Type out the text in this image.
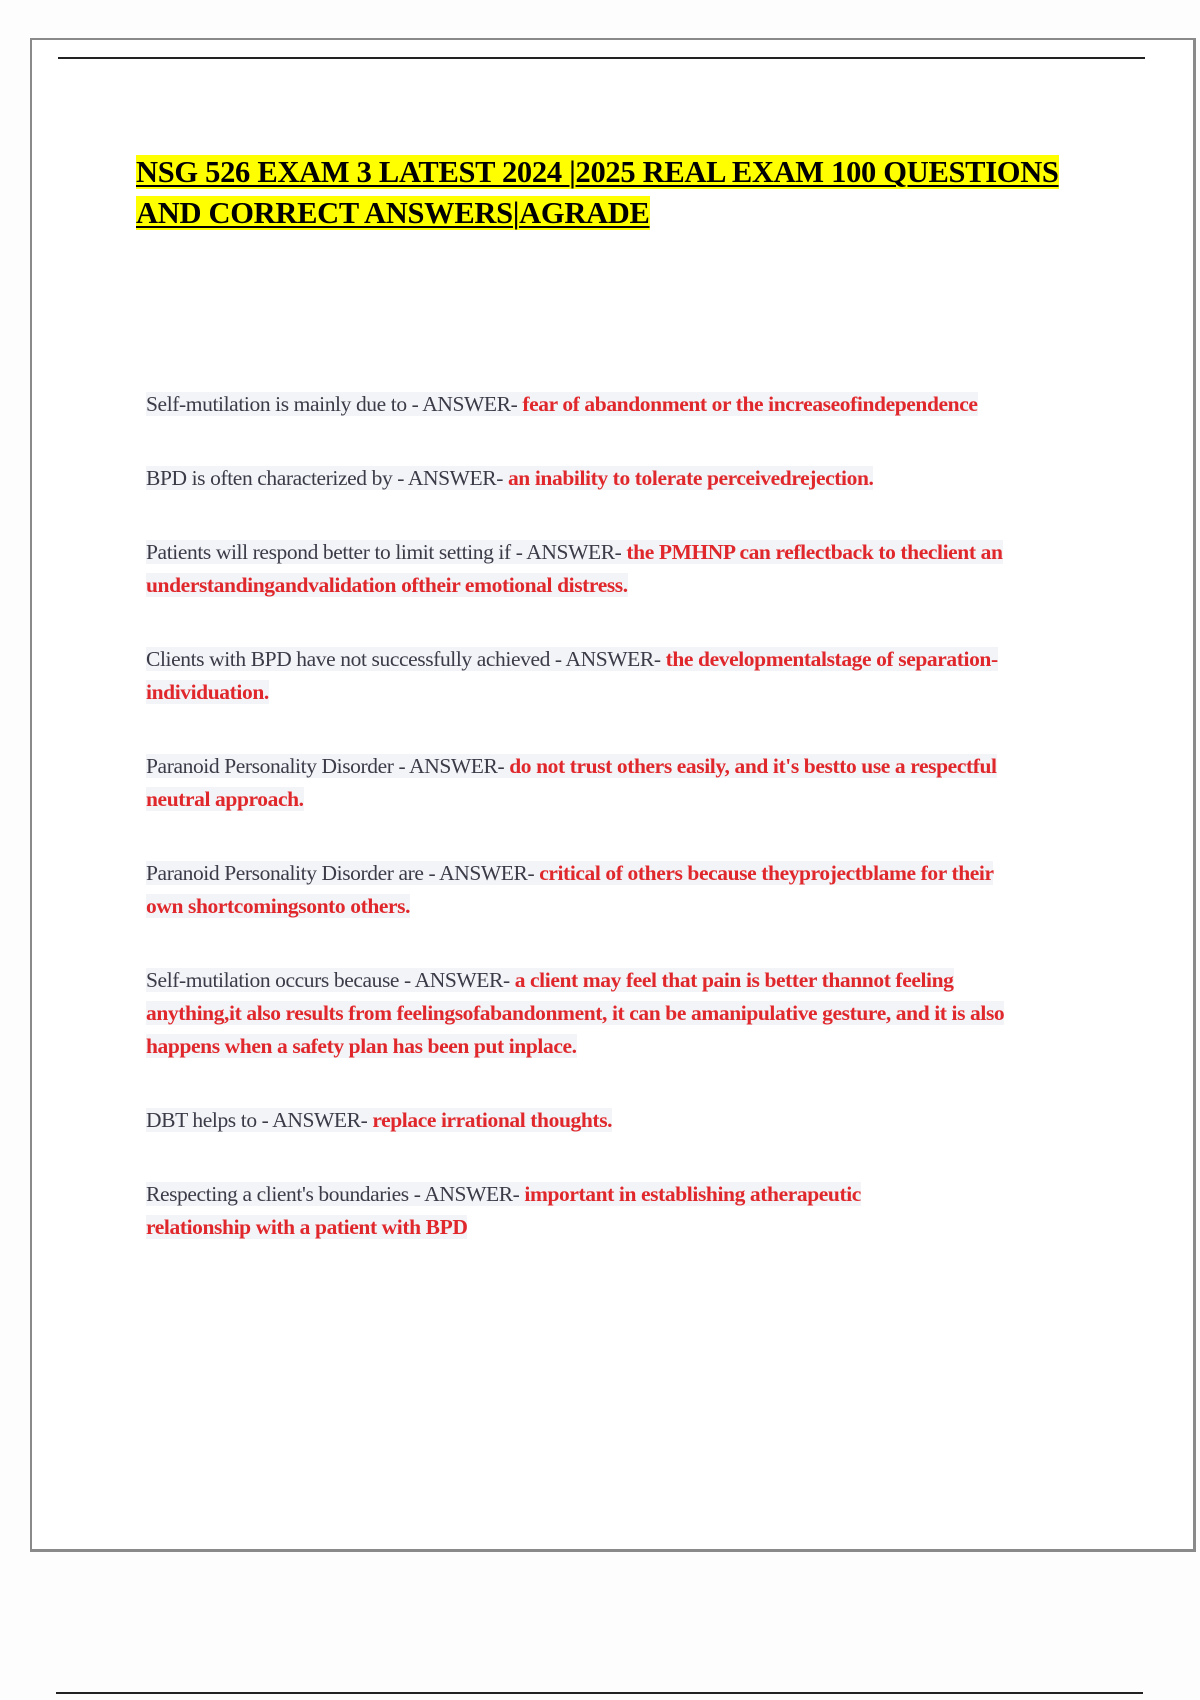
NSG 526 EXAM 3 LATEST 2024 |2025 REAL EXAM 100 QUESTIONS AND CORRECT ANSWERS|AGRADE

Self-mutilation is mainly due to - ANSWER- fear of abandonment or the increaseofindependence

BPD is often characterized by - ANSWER- an inability to tolerate perceivedrejection.

Patients will respond better to limit setting if - ANSWER- the PMHNP can reflectback to theclient an understandingandvalidation oftheir emotional distress.

Clients with BPD have not successfully achieved - ANSWER- the developmentalstage of separation-individuation.

Paranoid Personality Disorder - ANSWER- do not trust others easily, and it's bestto use a respectful neutral approach.

Paranoid Personality Disorder are - ANSWER- critical of others because theyprojectblame for their own shortcomingsonto others.

Self-mutilation occurs because - ANSWER- a client may feel that pain is better thannot feeling anything,it also results from feelingsofabandonment, it can be amanipulative gesture, and it is also happens when a safety plan has been put inplace.

DBT helps to - ANSWER- replace irrational thoughts.

Respecting a client's boundaries - ANSWER- important in establishing atherapeutic relationship with a patient with BPD
